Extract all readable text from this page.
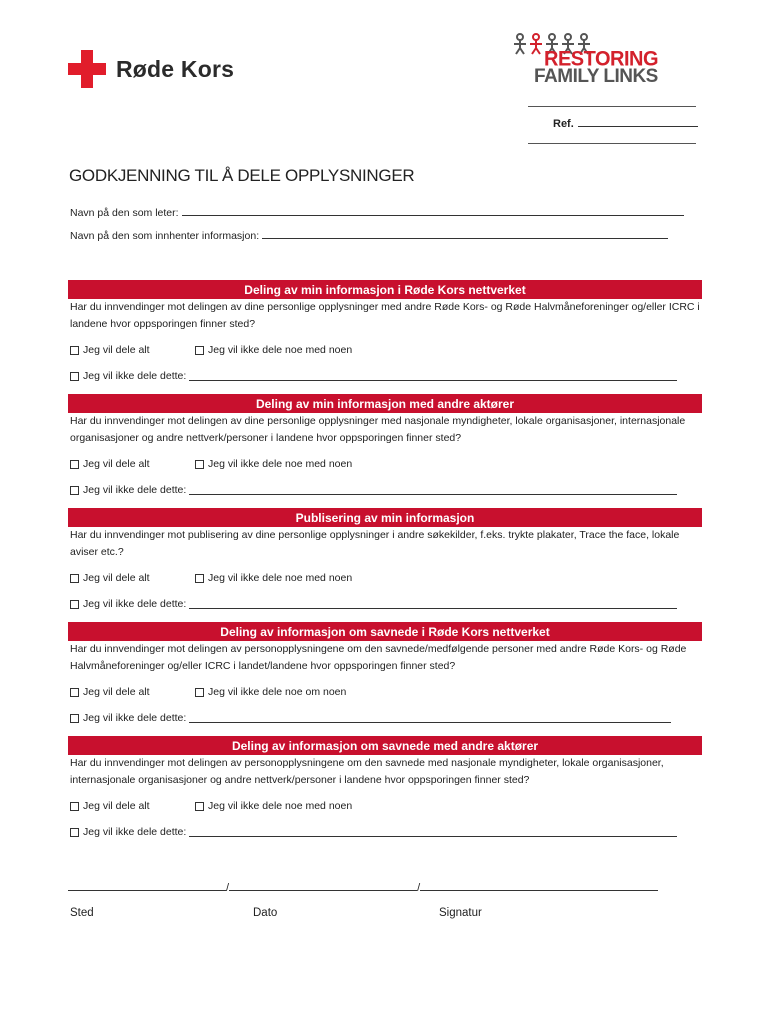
Røde Kors	RESTORING
FAMILY LINKS
Ref.
GODKJENNING TIL Å DELE OPPLYSNINGER
Navn på den som leter:
Navn på den som innhenter informasjon:
Deling av min informasjon i Røde Kors nettverket
Har du innvendinger mot delingen av dine personlige opplysninger med andre Røde Kors- og Røde Halvmåneforeninger og/eller ICRC i landene hvor oppsporingen finner sted?
Jeg vil dele alt	Jeg vil ikke dele noe med noen
Jeg vil ikke dele dette:
Deling av min informasjon med andre aktører
Har du innvendinger mot delingen av dine personlige opplysninger med nasjonale myndigheter, lokale organisasjoner, internasjonale organisasjoner og andre nettverk/personer i landene hvor oppsporingen finner sted?
Jeg vil dele alt	Jeg vil ikke dele noe med noen
Jeg vil ikke dele dette:
Publisering av min informasjon
Har du innvendinger mot publisering av dine personlige opplysninger i andre søkekilder, f.eks. trykte plakater, Trace the face, lokale aviser etc.?
Jeg vil dele alt	Jeg vil ikke dele noe med noen
Jeg vil ikke dele dette:
Deling av informasjon om savnede i Røde Kors nettverket
Har du innvendinger mot delingen av personopplysningene om den savnede/medfølgende personer med andre Røde Kors- og Røde Halvmåneforeninger og/eller ICRC i landet/landene hvor oppsporingen finner sted?
Jeg vil dele alt	Jeg vil ikke dele noe om noen
Jeg vil ikke dele dette:
Deling av informasjon om savnede med andre aktører
Har du innvendinger mot delingen av personopplysningene om den savnede med nasjonale myndigheter, lokale organisasjoner, internasjonale organisasjoner og andre nettverk/personer i landene hvor oppsporingen finner sted?
Jeg vil dele alt	Jeg vil ikke dele noe med noen
Jeg vil ikke dele dette:
/	/
Sted	Dato	Signatur
